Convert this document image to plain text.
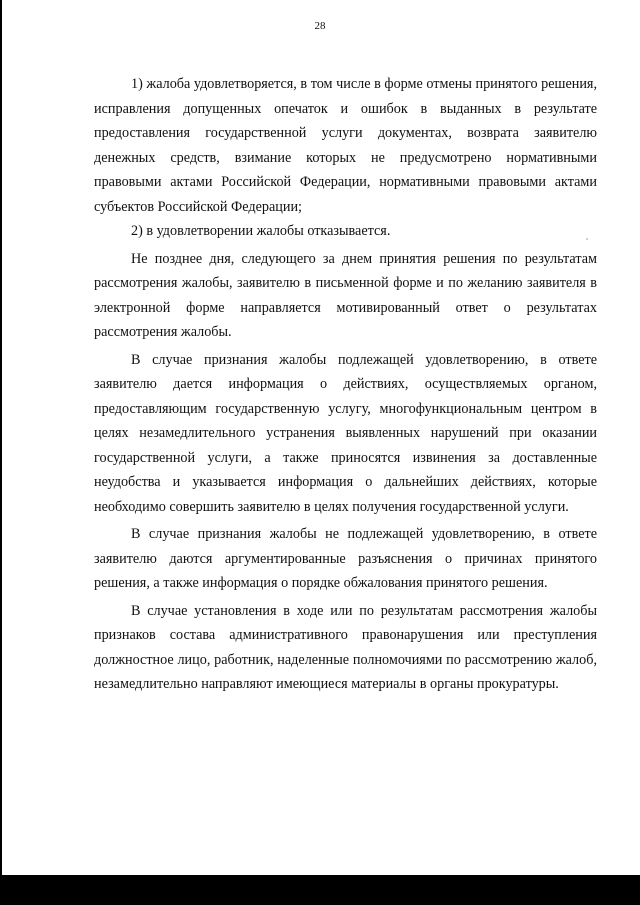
28

1) жалоба удовлетворяется, в том числе в форме отмены принятого решения, исправления допущенных опечаток и ошибок в выданных в результате предоставления государственной услуги документах, возврата заявителю денежных средств, взимание которых не предусмотрено нормативными правовыми актами Российской Федерации, нормативными правовыми актами субъектов Российской Федерации;

2) в удовлетворении жалобы отказывается.

Не позднее дня, следующего за днем принятия решения по результатам рассмотрения жалобы, заявителю в письменной форме и по желанию заявителя в электронной форме направляется мотивированный ответ о результатах рассмотрения жалобы.

В случае признания жалобы подлежащей удовлетворению, в ответе заявителю дается информация о действиях, осуществляемых органом, предоставляющим государственную услугу, многофункциональным центром в целях незамедлительного устранения выявленных нарушений при оказании государственной услуги, а также приносятся извинения за доставленные неудобства и указывается информация о дальнейших действиях, которые необходимо совершить заявителю в целях получения государственной услуги.

В случае признания жалобы не подлежащей удовлетворению, в ответе заявителю даются аргументированные разъяснения о причинах принятого решения, а также информация о порядке обжалования принятого решения.

В случае установления в ходе или по результатам рассмотрения жалобы признаков состава административного правонарушения или преступления должностное лицо, работник, наделенные полномочиями по рассмотрению жалоб, незамедлительно направляют имеющиеся материалы в органы прокуратуры.
